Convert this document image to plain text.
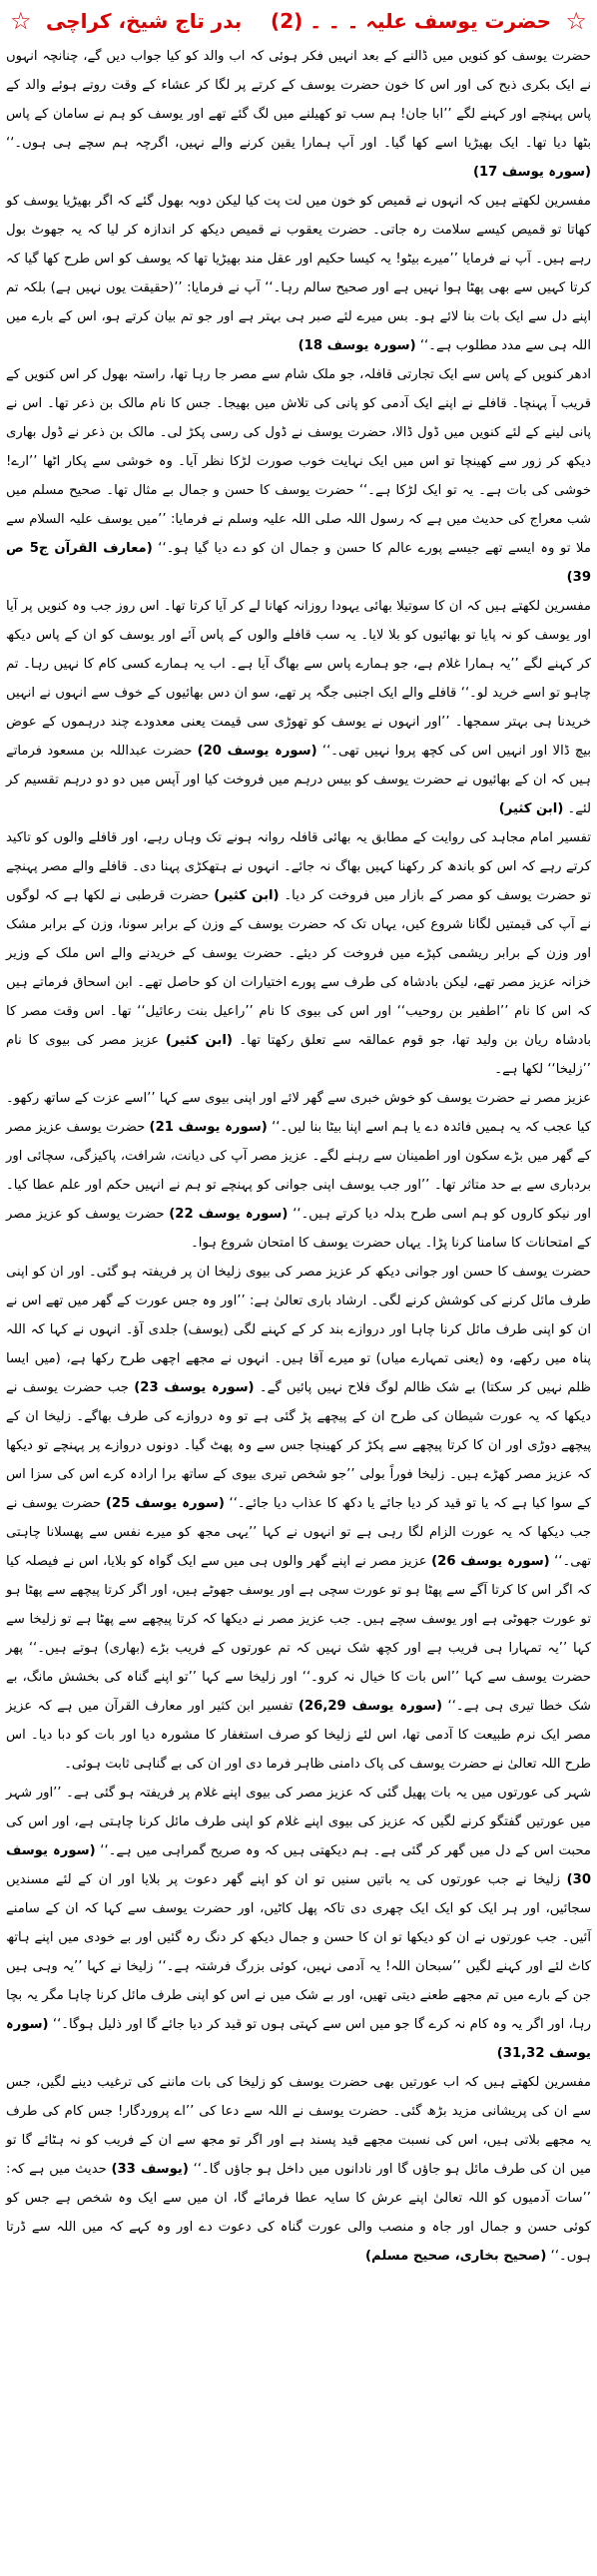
☆
حضرت یوسف علیہ ۔ ۔ ۔ (2)
بدر تاج شیخ، کراچی
☆

حضرت یوسف کو کنویں میں ڈالنے کے بعد انہیں فکر ہوئی کہ اب والد کو کیا جواب دیں گے، چنانچہ انہوں نے ایک بکری ذبح کی اور اس کا خون حضرت یوسف کے کرتے پر لگا کر عشاء کے وقت روتے ہوئے والد کے پاس پہنچے اور کہنے لگے ’’ابا جان! ہم سب تو کھیلنے میں لگ گئے تھے اور یوسف کو ہم نے سامان کے پاس بٹھا دیا تھا۔ ایک بھیڑیا اسے کھا گیا۔ اور آپ ہمارا یقین کرنے والے نہیں، اگرچہ ہم سچے ہی ہوں۔‘‘ (سورہ یوسف 17)

مفسرین لکھتے ہیں کہ انہوں نے قمیص کو خون میں لت پت کیا لیکن دوبہ بھول گئے کہ اگر بھیڑیا یوسف کو کھاتا تو قمیص کیسے سلامت رہ جاتی۔ حضرت یعقوب نے قمیص دیکھ کر اندازہ کر لیا کہ یہ جھوٹ بول رہے ہیں۔ آپ نے فرمایا ’’میرے بیٹو! یہ کیسا حکیم اور عقل مند بھیڑیا تھا کہ یوسف کو اس طرح کھا گیا کہ کرتا کہیں سے بھی پھٹا ہوا نہیں ہے اور صحیح سالم رہا۔‘‘ آپ نے فرمایا: ’’(حقیقت یوں نہیں ہے) بلکہ تم اپنے دل سے ایک بات بنا لائے ہو۔ بس میرے لئے صبر ہی بہتر ہے اور جو تم بیان کرتے ہو، اس کے بارے میں اللہ ہی سے مدد مطلوب ہے۔‘‘ (سورہ یوسف 18)

ادھر کنویں کے پاس سے ایک تجارتی قافلہ، جو ملک شام سے مصر جا رہا تھا، راستہ بھول کر اس کنویں کے قریب آ پہنچا۔ قافلے نے اپنے ایک آدمی کو پانی کی تلاش میں بھیجا۔ جس کا نام مالک بن ذعر تھا۔ اس نے پانی لینے کے لئے کنویں میں ڈول ڈالا، حضرت یوسف نے ڈول کی رسی پکڑ لی۔ مالک بن ذعر نے ڈول بھاری دیکھ کر زور سے کھینچا تو اس میں ایک نہایت خوب صورت لڑکا نظر آیا۔ وہ خوشی سے پکار اٹھا ’’ارے! خوشی کی بات ہے۔ یہ تو ایک لڑکا ہے۔‘‘ حضرت یوسف کا حسن و جمال بے مثال تھا۔ صحیح مسلم میں شب معراج کی حدیث میں ہے کہ رسول اللہ صلی اللہ علیہ وسلم نے فرمایا: ’’میں یوسف علیہ السلام سے ملا تو وہ ایسے تھے جیسے پورے عالم کا حسن و جمال ان کو دے دیا گیا ہو۔‘‘ (معارف القرآن ج5 ص 39)

مفسرین لکھتے ہیں کہ ان کا سوتیلا بھائی یہودا روزانہ کھانا لے کر آیا کرتا تھا۔ اس روز جب وہ کنویں پر آیا اور یوسف کو نہ پایا تو بھائیوں کو بلا لایا۔ یہ سب قافلے والوں کے پاس آئے اور یوسف کو ان کے پاس دیکھ کر کہنے لگے ’’یہ ہمارا غلام ہے، جو ہمارے پاس سے بھاگ آیا ہے۔ اب یہ ہمارے کسی کام کا نہیں رہا۔ تم چاہو تو اسے خرید لو۔‘‘ قافلے والے ایک اجنبی جگہ پر تھے، سو ان دس بھائیوں کے خوف سے انہوں نے انہیں خریدنا ہی بہتر سمجھا۔ ’’اور انہوں نے یوسف کو تھوڑی سی قیمت یعنی معدودے چند درہموں کے عوض بیچ ڈالا اور انہیں اس کی کچھ پروا نہیں تھی۔‘‘ (سورہ یوسف 20) حضرت عبداللہ بن مسعود فرماتے ہیں کہ ان کے بھائیوں نے حضرت یوسف کو بیس درہم میں فروخت کیا اور آپس میں دو دو درہم تقسیم کر لئے۔ (ابن کثیر)

تفسیر امام مجاہد کی روایت کے مطابق یہ بھائی قافلہ روانہ ہونے تک وہاں رہے، اور قافلے والوں کو تاکید کرتے رہے کہ اس کو باندھ کر رکھنا کہیں بھاگ نہ جائے۔ انہوں نے ہتھکڑی پہنا دی۔ قافلے والے مصر پہنچے تو حضرت یوسف کو مصر کے بازار میں فروخت کر دیا۔ (ابن کثیر) حضرت قرطبی نے لکھا ہے کہ لوگوں نے آپ کی قیمتیں لگانا شروع کیں، یہاں تک کہ حضرت یوسف کے وزن کے برابر سونا، وزن کے برابر مشک اور وزن کے برابر ریشمی کپڑے میں فروخت کر دیئے۔ حضرت یوسف کے خریدنے والے اس ملک کے وزیر خزانہ عزیز مصر تھے، لیکن بادشاہ کی طرف سے پورے اختیارات ان کو حاصل تھے۔ ابن اسحاق فرماتے ہیں کہ اس کا نام ’’اطفیر بن روحیب‘‘ اور اس کی بیوی کا نام ’’راعیل بنت رعائیل‘‘ تھا۔ اس وقت مصر کا بادشاہ ریان بن ولید تھا، جو قوم عمالقہ سے تعلق رکھتا تھا۔ (ابن کثیر) عزیز مصر کی بیوی کا نام ’’زلیخا‘‘ لکھا ہے۔

عزیز مصر نے حضرت یوسف کو خوش خبری سے گھر لائے اور اپنی بیوی سے کہا ’’اسے عزت کے ساتھ رکھو۔ کیا عجب کہ یہ ہمیں فائدہ دے یا ہم اسے اپنا بیٹا بنا لیں۔‘‘ (سورہ یوسف 21) حضرت یوسف عزیز مصر کے گھر میں بڑے سکون اور اطمینان سے رہنے لگے۔ عزیز مصر آپ کی دیانت، شرافت، پاکیزگی، سچائی اور بردباری سے بے حد متاثر تھا۔ ’’اور جب یوسف اپنی جوانی کو پہنچے تو ہم نے انہیں حکم اور علم عطا کیا۔ اور نیکو کاروں کو ہم اسی طرح بدلہ دیا کرتے ہیں۔‘‘ (سورہ یوسف 22) حضرت یوسف کو عزیز مصر کے امتحانات کا سامنا کرنا پڑا۔ یہاں حضرت یوسف کا امتحان شروع ہوا۔

حضرت یوسف کا حسن اور جوانی دیکھ کر عزیز مصر کی بیوی زلیخا ان پر فریفتہ ہو گئی۔ اور ان کو اپنی طرف مائل کرنے کی کوشش کرنے لگی۔ ارشاد باری تعالیٰ ہے: ’’اور وہ جس عورت کے گھر میں تھے اس نے ان کو اپنی طرف مائل کرنا چاہا اور دروازے بند کر کے کہنے لگی (یوسف) جلدی آؤ۔ انہوں نے کہا کہ اللہ پناہ میں رکھے، وہ (یعنی تمہارے میاں) تو میرے آقا ہیں۔ انہوں نے مجھے اچھی طرح رکھا ہے، (میں ایسا ظلم نہیں کر سکتا) بے شک ظالم لوگ فلاح نہیں پائیں گے۔ (سورہ یوسف 23) جب حضرت یوسف نے دیکھا کہ یہ عورت شیطان کی طرح ان کے پیچھے پڑ گئی ہے تو وہ دروازے کی طرف بھاگے۔ زلیخا ان کے پیچھے دوڑی اور ان کا کرتا پیچھے سے پکڑ کر کھینچا جس سے وہ پھٹ گیا۔ دونوں دروازے پر پہنچے تو دیکھا کہ عزیز مصر کھڑے ہیں۔ زلیخا فوراً بولی ’’جو شخص تیری بیوی کے ساتھ برا ارادہ کرے اس کی سزا اس کے سوا کیا ہے کہ یا تو قید کر دیا جائے یا دکھ کا عذاب دیا جائے۔‘‘ (سورہ یوسف 25) حضرت یوسف نے جب دیکھا کہ یہ عورت الزام لگا رہی ہے تو انہوں نے کہا ’’یہی مجھ کو میرے نفس سے پھسلانا چاہتی تھی۔‘‘ (سورہ یوسف 26) عزیز مصر نے اپنے گھر والوں ہی میں سے ایک گواہ کو بلایا، اس نے فیصلہ کیا کہ اگر اس کا کرتا آگے سے پھٹا ہو تو عورت سچی ہے اور یوسف جھوٹے ہیں، اور اگر کرتا پیچھے سے پھٹا ہو تو عورت جھوٹی ہے اور یوسف سچے ہیں۔ جب عزیز مصر نے دیکھا کہ کرتا پیچھے سے پھٹا ہے تو زلیخا سے کہا ’’یہ تمہارا ہی فریب ہے اور کچھ شک نہیں کہ تم عورتوں کے فریب بڑے (بھاری) ہوتے ہیں۔‘‘ پھر حضرت یوسف سے کہا ’’اس بات کا خیال نہ کرو۔‘‘ اور زلیخا سے کہا ’’تو اپنے گناہ کی بخشش مانگ، بے شک خطا تیری ہی ہے۔‘‘ (سورہ یوسف 26,29) تفسیر ابن کثیر اور معارف القرآن میں ہے کہ عزیز مصر ایک نرم طبیعت کا آدمی تھا، اس لئے زلیخا کو صرف استغفار کا مشورہ دیا اور بات کو دبا دیا۔ اس طرح اللہ تعالیٰ نے حضرت یوسف کی پاک دامنی ظاہر فرما دی اور ان کی بے گناہی ثابت ہوئی۔

شہر کی عورتوں میں یہ بات پھیل گئی کہ عزیز مصر کی بیوی اپنے غلام پر فریفتہ ہو گئی ہے۔ ’’اور شہر میں عورتیں گفتگو کرنے لگیں کہ عزیز کی بیوی اپنے غلام کو اپنی طرف مائل کرنا چاہتی ہے، اور اس کی محبت اس کے دل میں گھر کر گئی ہے۔ ہم دیکھتی ہیں کہ وہ صریح گمراہی میں ہے۔‘‘ (سورہ یوسف 30) زلیخا نے جب عورتوں کی یہ باتیں سنیں تو ان کو اپنے گھر دعوت پر بلایا اور ان کے لئے مسندیں سجائیں، اور ہر ایک کو ایک ایک چھری دی تاکہ پھل کاٹیں، اور حضرت یوسف سے کہا کہ ان کے سامنے آئیں۔ جب عورتوں نے ان کو دیکھا تو ان کا حسن و جمال دیکھ کر دنگ رہ گئیں اور بے خودی میں اپنے ہاتھ کاٹ لئے اور کہنے لگیں ’’سبحان اللہ! یہ آدمی نہیں، کوئی بزرگ فرشتہ ہے۔‘‘ زلیخا نے کہا ’’یہ وہی ہیں جن کے بارے میں تم مجھے طعنے دیتی تھیں، اور بے شک میں نے اس کو اپنی طرف مائل کرنا چاہا مگر یہ بچا رہا، اور اگر یہ وہ کام نہ کرے گا جو میں اس سے کہتی ہوں تو قید کر دیا جائے گا اور ذلیل ہوگا۔‘‘ (سورہ یوسف 31,32)

مفسرین لکھتے ہیں کہ اب عورتیں بھی حضرت یوسف کو زلیخا کی بات ماننے کی ترغیب دینے لگیں، جس سے ان کی پریشانی مزید بڑھ گئی۔ حضرت یوسف نے اللہ سے دعا کی ’’اے پروردگار! جس کام کی طرف یہ مجھے بلاتی ہیں، اس کی نسبت مجھے قید پسند ہے اور اگر تو مجھ سے ان کے فریب کو نہ ہٹائے گا تو میں ان کی طرف مائل ہو جاؤں گا اور نادانوں میں داخل ہو جاؤں گا۔‘‘ (یوسف 33) حدیث میں ہے کہ: ’’سات آدمیوں کو اللہ تعالیٰ اپنے عرش کا سایہ عطا فرمائے گا، ان میں سے ایک وہ شخص ہے جس کو کوئی حسن و جمال اور جاہ و منصب والی عورت گناہ کی دعوت دے اور وہ کہے کہ میں اللہ سے ڈرتا ہوں۔‘‘ (صحیح بخاری، صحیح مسلم)
